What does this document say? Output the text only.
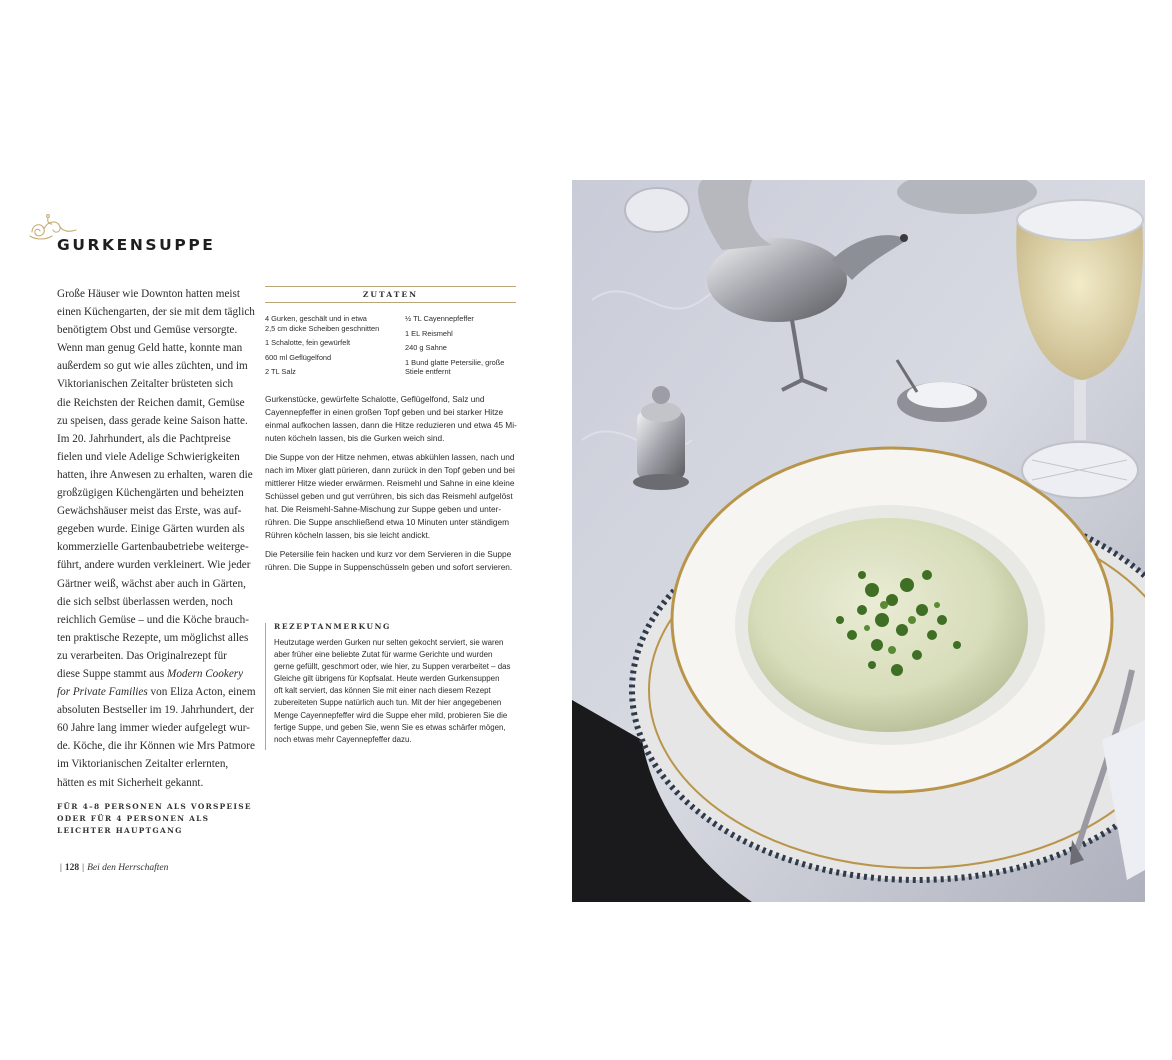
GURKENSUPPE

Große Häuser wie Downton hatten meist
einen Küchengarten, der sie mit dem täglich
benötigtem Obst und Gemüse versorgte.
Wenn man genug Geld hatte, konnte man
außerdem so gut wie alles züchten, und im
Viktorianischen Zeitalter brüsteten sich
die Reichsten der Reichen damit, Gemüse
zu speisen, dass gerade keine Saison hatte.
Im 20. Jahrhundert, als die Pachtpreise
fielen und viele Adelige Schwierigkeiten
hatten, ihre Anwesen zu erhalten, waren die
großzügigen Küchengärten und beheizten
Gewächshäuser meist das Erste, was auf-
gegeben wurde. Einige Gärten wurden als
kommerzielle Gartenbaubetriebe weiterge-
führt, andere wurden verkleinert. Wie jeder
Gärtner weiß, wächst aber auch in Gärten,
die sich selbst überlassen werden, noch
reichlich Gemüse – und die Köche brauch-
ten praktische Rezepte, um möglichst alles
zu verarbeiten. Das Originalrezept für
diese Suppe stammt aus Modern Cookery
for Private Families von Eliza Acton, einem
absoluten Bestseller im 19. Jahrhundert, der
60 Jahre lang immer wieder aufgelegt wur-
de. Köche, die ihr Können wie Mrs Patmore
im Viktorianischen Zeitalter erlernten,
hätten es mit Sicherheit gekannt.

FÜR 4–8 PERSONEN ALS VORSPEISE
ODER FÜR 4 PERSONEN ALS
LEICHTER HAUPTGANG
| 128 | Bei den Herrschaften
ZUTATEN
4 Gurken, geschält und in etwa
2,5 cm dicke Scheiben geschnitten
1 Schalotte, fein gewürfelt
600 ml Geflügelfond
2 TL Salz
½ TL Cayennepfeffer
1 EL Reismehl
240 g Sahne
1 Bund glatte Petersilie, große
Stiele entfernt

Gurkenstücke, gewürfelte Schalotte, Geflügelfond, Salz und
Cayennepfeffer in einen großen Topf geben und bei starker Hitze
einmal aufkochen lassen, dann die Hitze reduzieren und etwa 45 Mi-
nuten köcheln lassen, bis die Gurken weich sind.

Die Suppe von der Hitze nehmen, etwas abkühlen lassen, nach und
nach im Mixer glatt pürieren, dann zurück in den Topf geben und bei
mittlerer Hitze wieder erwärmen. Reismehl und Sahne in eine kleine
Schüssel geben und gut verrühren, bis sich das Reismehl aufgelöst
hat. Die Reismehl-Sahne-Mischung zur Suppe geben und unter-
rühren. Die Suppe anschließend etwa 10 Minuten unter ständigem
Rühren köcheln lassen, bis sie leicht andickt.

Die Petersilie fein hacken und kurz vor dem Servieren in die Suppe
rühren. Die Suppe in Suppenschüsseln geben und sofort servieren.

REZEPTANMERKUNG
Heutzutage werden Gurken nur selten gekocht serviert, sie waren
aber früher eine beliebte Zutat für warme Gerichte und wurden
gerne gefüllt, geschmort oder, wie hier, zu Suppen verarbeitet – das
Gleiche gilt übrigens für Kopfsalat. Heute werden Gurkensuppen
oft kalt serviert, das können Sie mit einer nach diesem Rezept
zubereiteten Suppe natürlich auch tun. Mit der hier angegebenen
Menge Cayennepfeffer wird die Suppe eher mild, probieren Sie die
fertige Suppe, und geben Sie, wenn Sie es etwas schärfer mögen,
noch etwas mehr Cayennepfeffer dazu.
